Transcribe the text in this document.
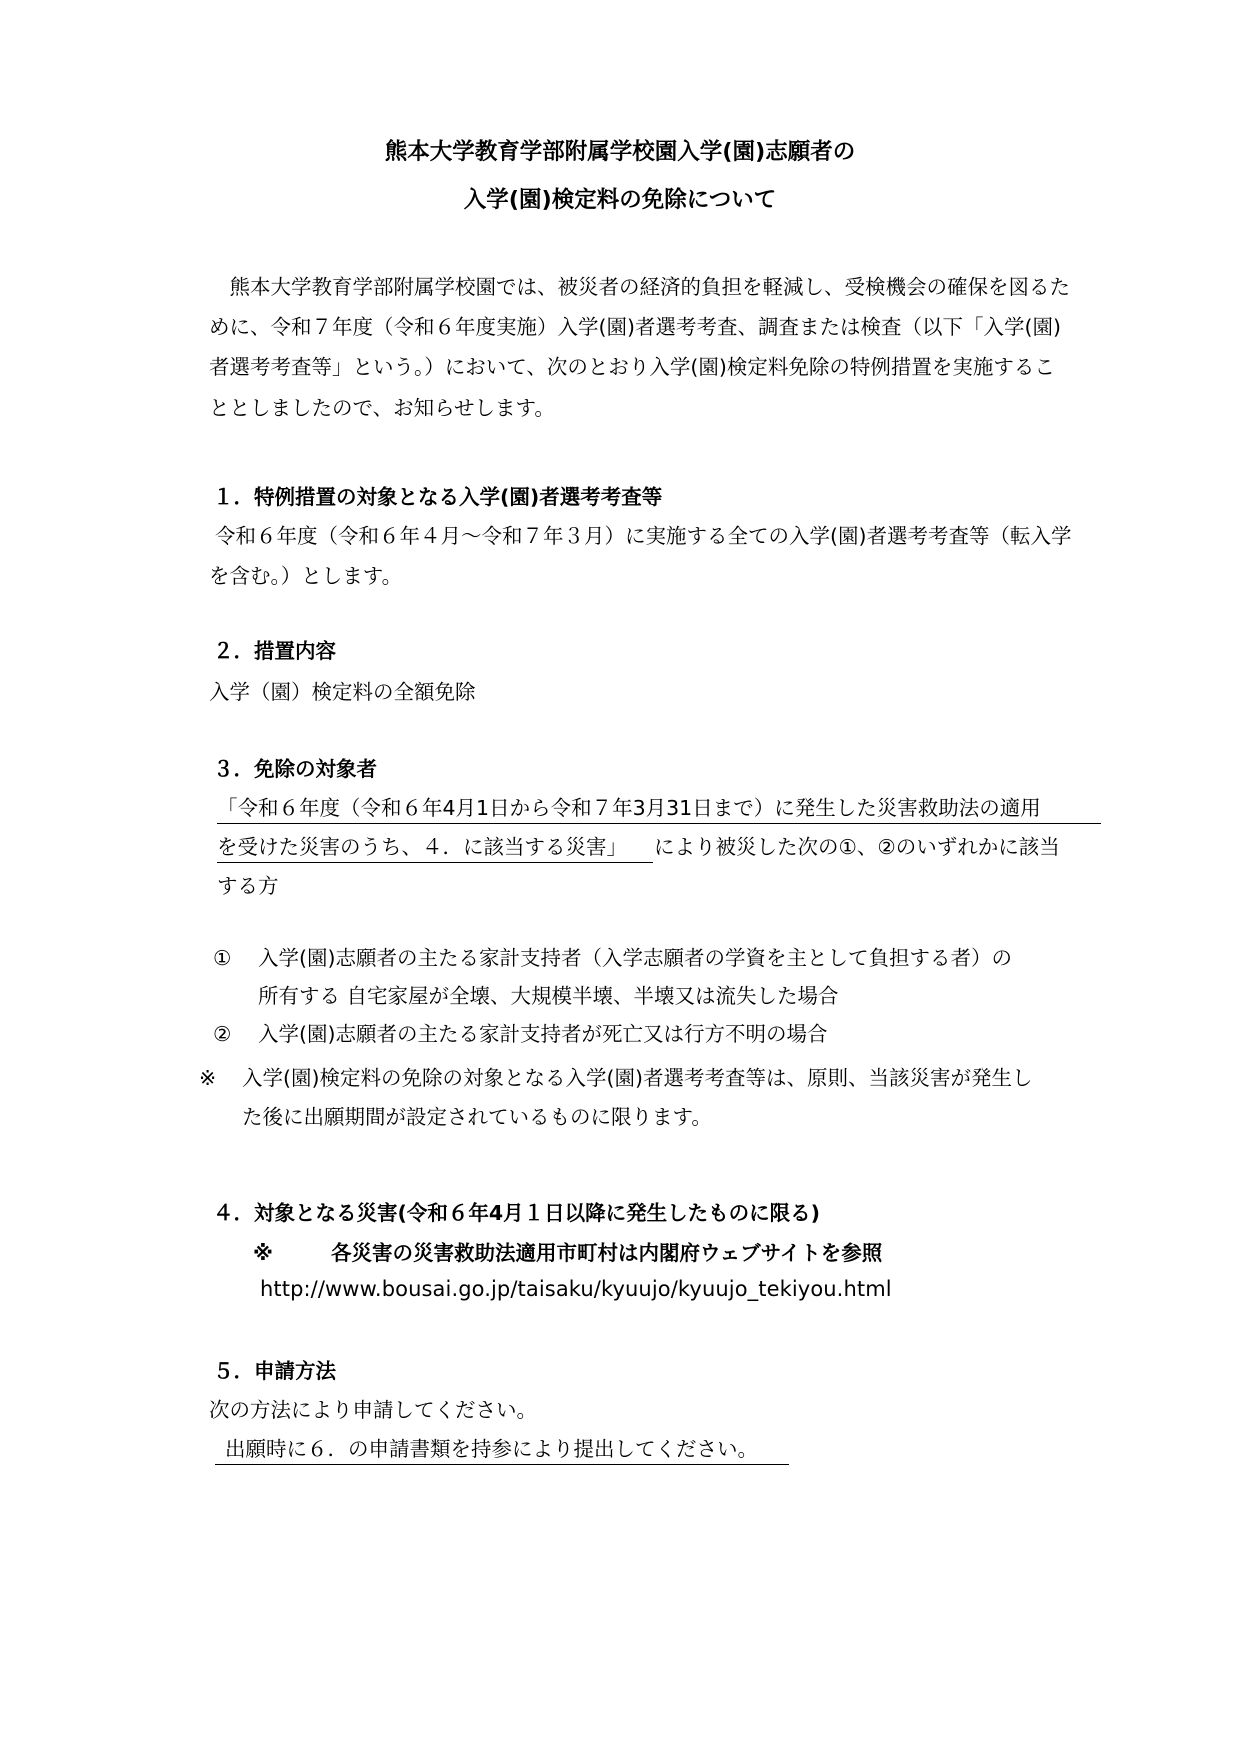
熊本大学教育学部附属学校園入学(園)志願者の
入学(園)検定料の免除について
　熊本大学教育学部附属学校園では、被災者の経済的負担を軽減し、受検機会の確保を図るた
めに、令和７年度（令和６年度実施）入学(園)者選考考査、調査または検査（以下「入学(園)
者選考考査等」という。）において、次のとおり入学(園)検定料免除の特例措置を実施するこ
ととしましたので、お知らせします。
１．特例措置の対象となる入学(園)者選考考査等
令和６年度（令和６年４月～令和７年３月）に実施する全ての入学(園)者選考考査等（転入学
を含む。）とします。
２．措置内容
入学（園）検定料の全額免除
３．免除の対象者
「令和６年度（令和６年4月1日から令和７年3月31日まで）に発生した災害救助法の適用
を受けた災害のうち、４．に該当する災害」 により被災した次の①、②のいずれかに該当
する方
① 入学(園)志願者の主たる家計支持者（入学志願者の学資を主として負担する者）の
所有する 自宅家屋が全壊、大規模半壊、半壊又は流失した場合
② 入学(園)志願者の主たる家計支持者が死亡又は行方不明の場合
※ 入学(園)検定料の免除の対象となる入学(園)者選考考査等は、原則、当該災害が発生し
た後に出願期間が設定されているものに限ります。
４．対象となる災害(令和６年4月１日以降に発生したものに限る)
※	各災害の災害救助法適用市町村は内閣府ウェブサイトを参照
http://www.bousai.go.jp/taisaku/kyuujo/kyuujo_tekiyou.html
５．申請方法
次の方法により申請してください。
出願時に６．の申請書類を持参により提出してください。
